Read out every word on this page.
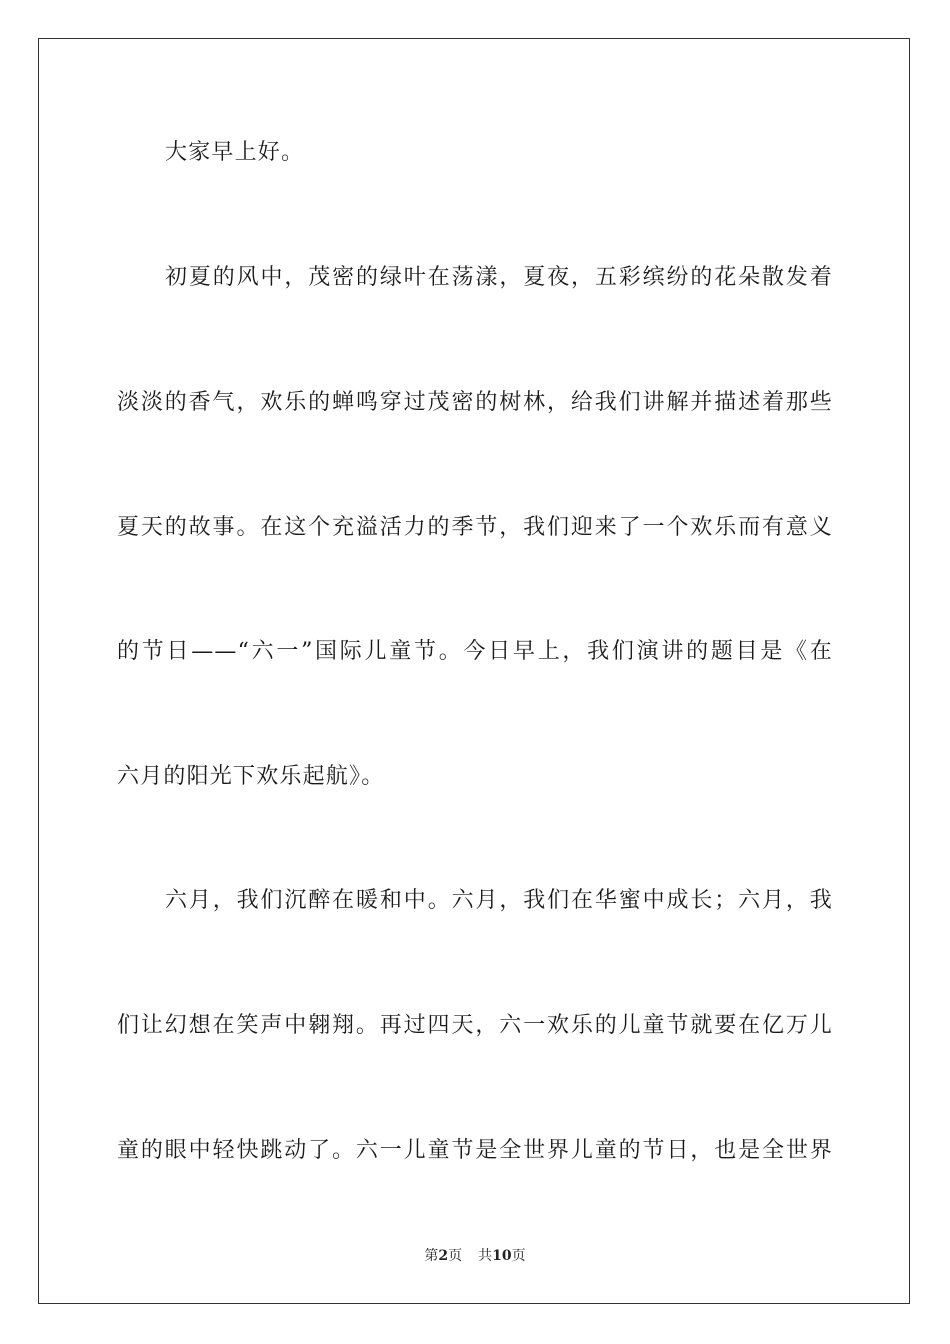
大家早上好。
初夏的风中，茂密的绿叶在荡漾，夏夜，五彩缤纷的花朵散发着
淡淡的香气，欢乐的蝉鸣穿过茂密的树林，给我们讲解并描述着那些
夏天的故事。在这个充溢活力的季节，我们迎来了一个欢乐而有意义
的节日——“六一”国际儿童节。今日早上，我们演讲的题目是《在
六月的阳光下欢乐起航》。
六月，我们沉醉在暖和中。六月，我们在华蜜中成长；六月，我
们让幻想在笑声中翱翔。再过四天，六一欢乐的儿童节就要在亿万儿
童的眼中轻快跳动了。六一儿童节是全世界儿童的节日，也是全世界
第2页 共10页
